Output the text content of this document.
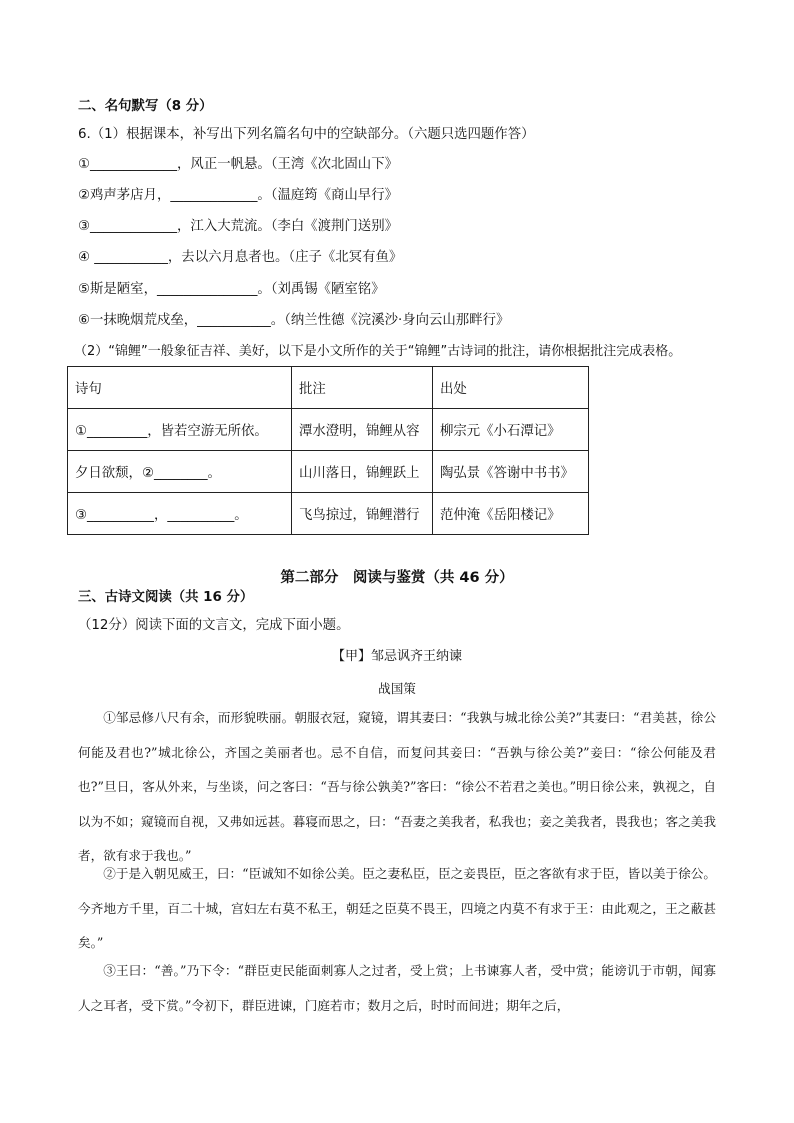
二、名句默写（8 分）
6.（1）根据课本，补写出下列名篇名句中的空缺部分。（六题只选四题作答）
①_____________，风正一帆悬。（王湾《次北固山下》
②鸡声茅店月，_____________。（温庭筠《商山早行》
③_____________，江入大荒流。（李白《渡荆门送别》
④ ___________，去以六月息者也。（庄子《北冥有鱼》
⑤斯是陋室，_______________。（刘禹锡《陋室铭》
⑥一抹晚烟荒戍垒，___________。（纳兰性德《浣溪沙·身向云山那畔行》
（2）“锦鲤”一般象征吉祥、美好，以下是小文所作的关于“锦鲤”古诗词的批注，请你根据批注完成表格。
诗句	批注	出处
①_________，皆若空游无所依。	潭水澄明，锦鲤从容	柳宗元《小石潭记》
夕日欲颓，②________。	山川落日，锦鲤跃上	陶弘景《答谢中书书》
③__________，__________。	飞鸟掠过，锦鲤潜行	范仲淹《岳阳楼记》
第二部分　阅读与鉴赏（共 46 分）
三、古诗文阅读（共 16 分）
（12分）阅读下面的文言文，完成下面小题。
【甲】邹忌讽齐王纳谏
战国策

①邹忌修八尺有余，而形貌昳丽。朝服衣冠，窥镜，谓其妻曰：“我孰与城北徐公美?”其妻曰：“君美甚，徐公何能及君也?”城北徐公，齐国之美丽者也。忌不自信，而复问其妾曰：“吾孰与徐公美?”妾曰：“徐公何能及君也?”旦日，客从外来，与坐谈，问之客曰：“吾与徐公孰美?”客曰：“徐公不若君之美也。”明日徐公来，孰视之，自以为不如；窥镜而自视，又弗如远甚。暮寝而思之，曰：“吾妻之美我者，私我也；妾之美我者，畏我也；客之美我者，欲有求于我也。”

②于是入朝见威王，曰：“臣诚知不如徐公美。臣之妻私臣，臣之妾畏臣，臣之客欲有求于臣，皆以美于徐公。今齐地方千里，百二十城，宫妇左右莫不私王，朝廷之臣莫不畏王，四境之内莫不有求于王：由此观之，王之蔽甚矣。”

③王曰：“善。”乃下令：“群臣吏民能面刺寡人之过者，受上赏；上书谏寡人者，受中赏；能谤讥于市朝，闻寡人之耳者，受下赏。”令初下，群臣进谏，门庭若市；数月之后，时时而间进；期年之后，
